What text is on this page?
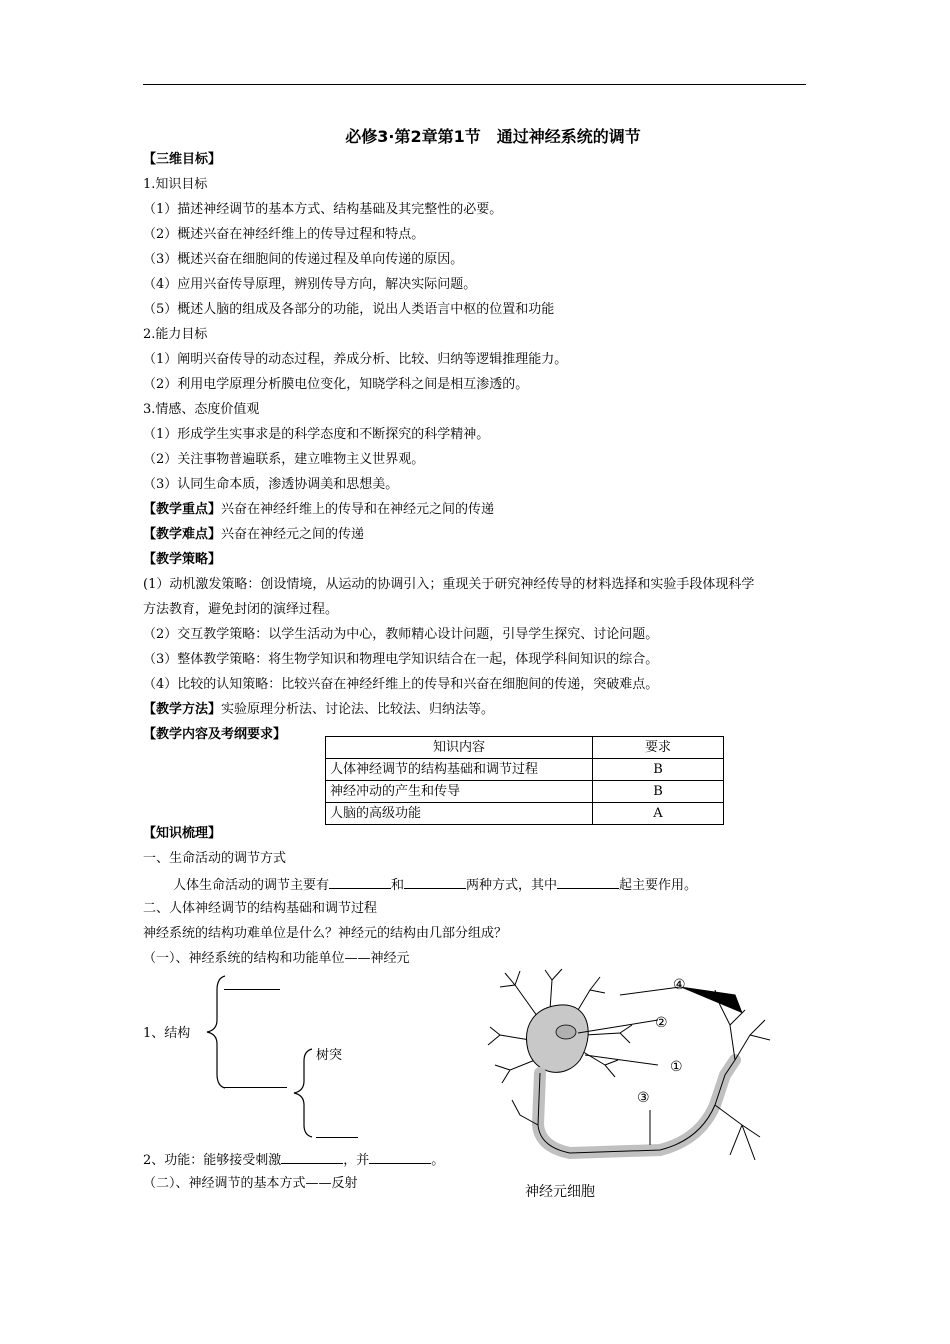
必修3·第2章第1节　通过神经系统的调节
【三维目标】
1.知识目标
（1）描述神经调节的基本方式、结构基础及其完整性的必要。
（2）概述兴奋在神经纤维上的传导过程和特点。
（3）概述兴奋在细胞间的传递过程及单向传递的原因。
（4）应用兴奋传导原理，辨别传导方向，解决实际问题。
（5）概述人脑的组成及各部分的功能，说出人类语言中枢的位置和功能
2.能力目标
（1）阐明兴奋传导的动态过程，养成分析、比较、归纳等逻辑推理能力。
（2）利用电学原理分析膜电位变化，知晓学科之间是相互渗透的。
3.情感、态度价值观
（1）形成学生实事求是的科学态度和不断探究的科学精神。
（2）关注事物普遍联系，建立唯物主义世界观。
（3）认同生命本质，渗透协调美和思想美。
【教学重点】兴奋在神经纤维上的传导和在神经元之间的传递
【教学难点】兴奋在神经元之间的传递
【教学策略】
(1）动机激发策略：创设情境，从运动的协调引入；重现关于研究神经传导的材料选择和实验手段体现科学
方法教育，避免封闭的演绎过程。
（2）交互教学策略：以学生活动为中心，教师精心设计问题，引导学生探究、讨论问题。
（3）整体教学策略：将生物学知识和物理电学知识结合在一起，体现学科间知识的综合。
（4）比较的认知策略：比较兴奋在神经纤维上的传导和兴奋在细胞间的传递，突破难点。
【教学方法】实验原理分析法、讨论法、比较法、归纳法等。
【教学内容及考纲要求】
知识内容	要求
人体神经调节的结构基础和调节过程	B
神经冲动的产生和传导	B
人脑的高级功能	A
【知识梳理】
一、生命活动的调节方式
人体生命活动的调节主要有	和	两种方式，其中	起主要作用。
二、人体神经调节的结构基础和调节过程
神经系统的结构功难单位是什么？神经元的结构由几部分组成？
（一）、神经系统的结构和功能单位——神经元
1、结构
树突
2、功能：能够接受刺激	，并	。
（二）、神经调节的基本方式——反射
④
②
①
③
神经元细胞
